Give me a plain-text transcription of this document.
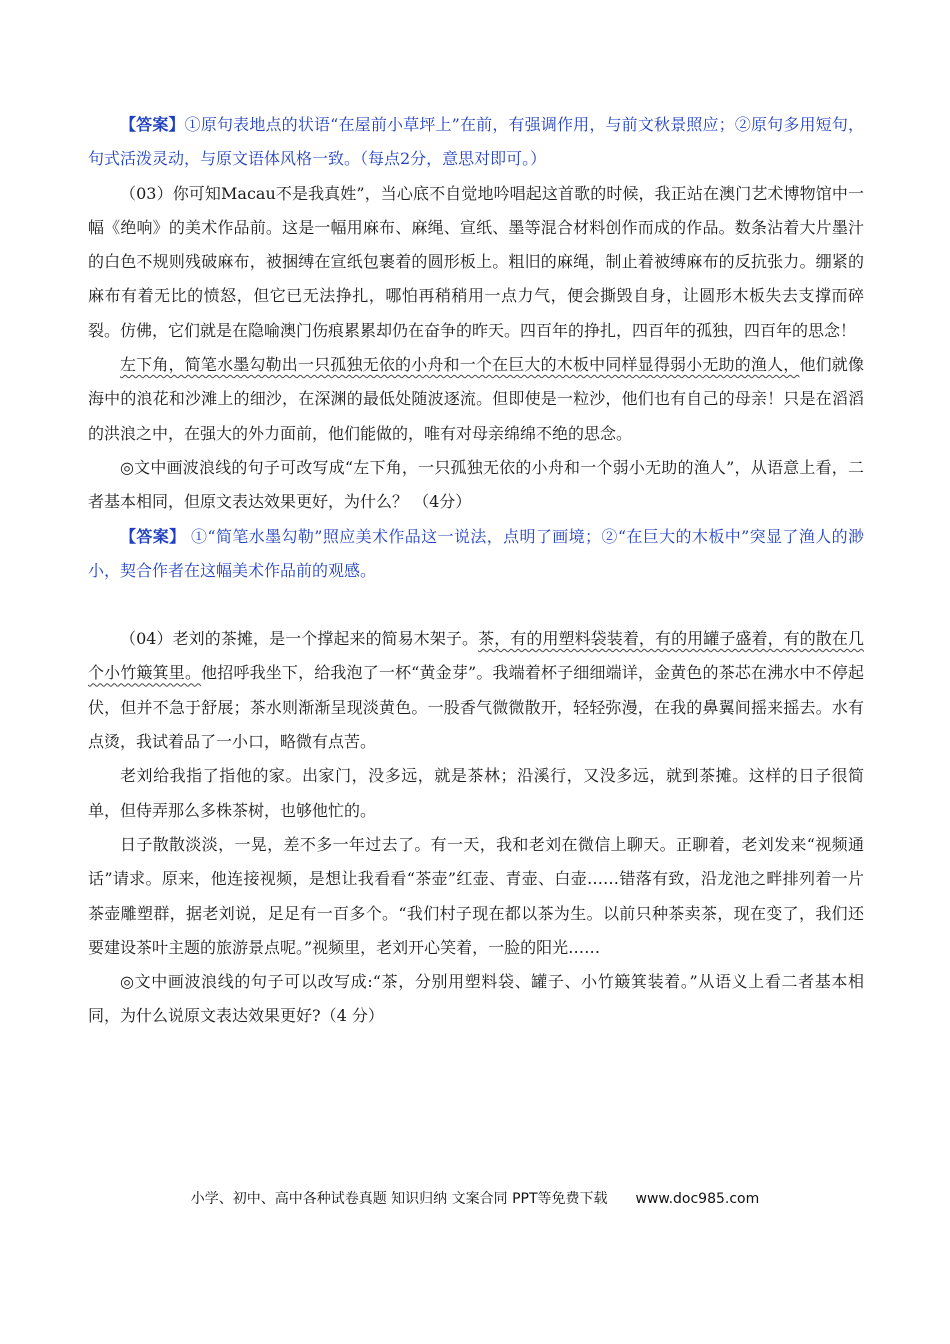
【答案】①原句表地点的状语“在屋前小草坪上”在前，有强调作用，与前文秋景照应；②原句多用短句，句式活泼灵动，与原文语体风格一致。（每点2分，意思对即可。）

（03）你可知Macau不是我真姓”，当心底不自觉地吟唱起这首歌的时候，我正站在澳门艺术博物馆中一幅《绝响》的美术作品前。这是一幅用麻布、麻绳、宣纸、墨等混合材料创作而成的作品。数条沾着大片墨汁的白色不规则残破麻布，被捆缚在宣纸包裹着的圆形板上。粗旧的麻绳，制止着被缚麻布的反抗张力。绷紧的麻布有着无比的愤怒，但它已无法挣扎，哪怕再稍稍用一点力气，便会撕毁自身，让圆形木板失去支撑而碎裂。仿佛，它们就是在隐喻澳门伤痕累累却仍在奋争的昨天。四百年的挣扎，四百年的孤独，四百年的思念！

左下角，简笔水墨勾勒出一只孤独无依的小舟和一个在巨大的木板中同样显得弱小无助的渔人，他们就像海中的浪花和沙滩上的细沙，在深渊的最低处随波逐流。但即使是一粒沙，他们也有自己的母亲！只是在滔滔的洪浪之中，在强大的外力面前，他们能做的，唯有对母亲绵绵不绝的思念。

◎文中画波浪线的句子可改写成“左下角，一只孤独无依的小舟和一个弱小无助的渔人”，从语意上看，二者基本相同，但原文表达效果更好，为什么？ （4分）

【答案】 ①“简笔水墨勾勒”照应美术作品这一说法，点明了画境；②“在巨大的木板中”突显了渔人的渺小，契合作者在这幅美术作品前的观感。

（04）老刘的茶摊，是一个撑起来的简易木架子。茶，有的用塑料袋装着，有的用罐子盛着，有的散在几个小竹簸箕里。他招呼我坐下，给我泡了一杯“黄金芽”。我端着杯子细细端详，金黄色的茶芯在沸水中不停起伏，但并不急于舒展；茶水则渐渐呈现淡黄色。一股香气微微散开，轻轻弥漫，在我的鼻翼间摇来摇去。水有点烫，我试着品了一小口，略微有点苦。

老刘给我指了指他的家。出家门，没多远，就是茶林；沿溪行，又没多远，就到茶摊。这样的日子很简单，但侍弄那么多株茶树，也够他忙的。

日子散散淡淡，一晃，差不多一年过去了。有一天，我和老刘在微信上聊天。正聊着，老刘发来“视频通话”请求。原来，他连接视频，是想让我看看“茶壶”红壶、青壶、白壶……错落有致，沿龙池之畔排列着一片茶壶雕塑群，据老刘说，足足有一百多个。“我们村子现在都以茶为生。以前只种茶卖茶，现在变了，我们还要建设茶叶主题的旅游景点呢。”视频里，老刘开心笑着，一脸的阳光……

◎文中画波浪线的句子可以改写成:“茶，分别用塑料袋、罐子、小竹簸箕装着。”从语义上看二者基本相同，为什么说原文表达效果更好?（4 分）

小学、初中、高中各种试卷真题 知识归纳 文案合同 PPT等免费下载 www.doc985.com
